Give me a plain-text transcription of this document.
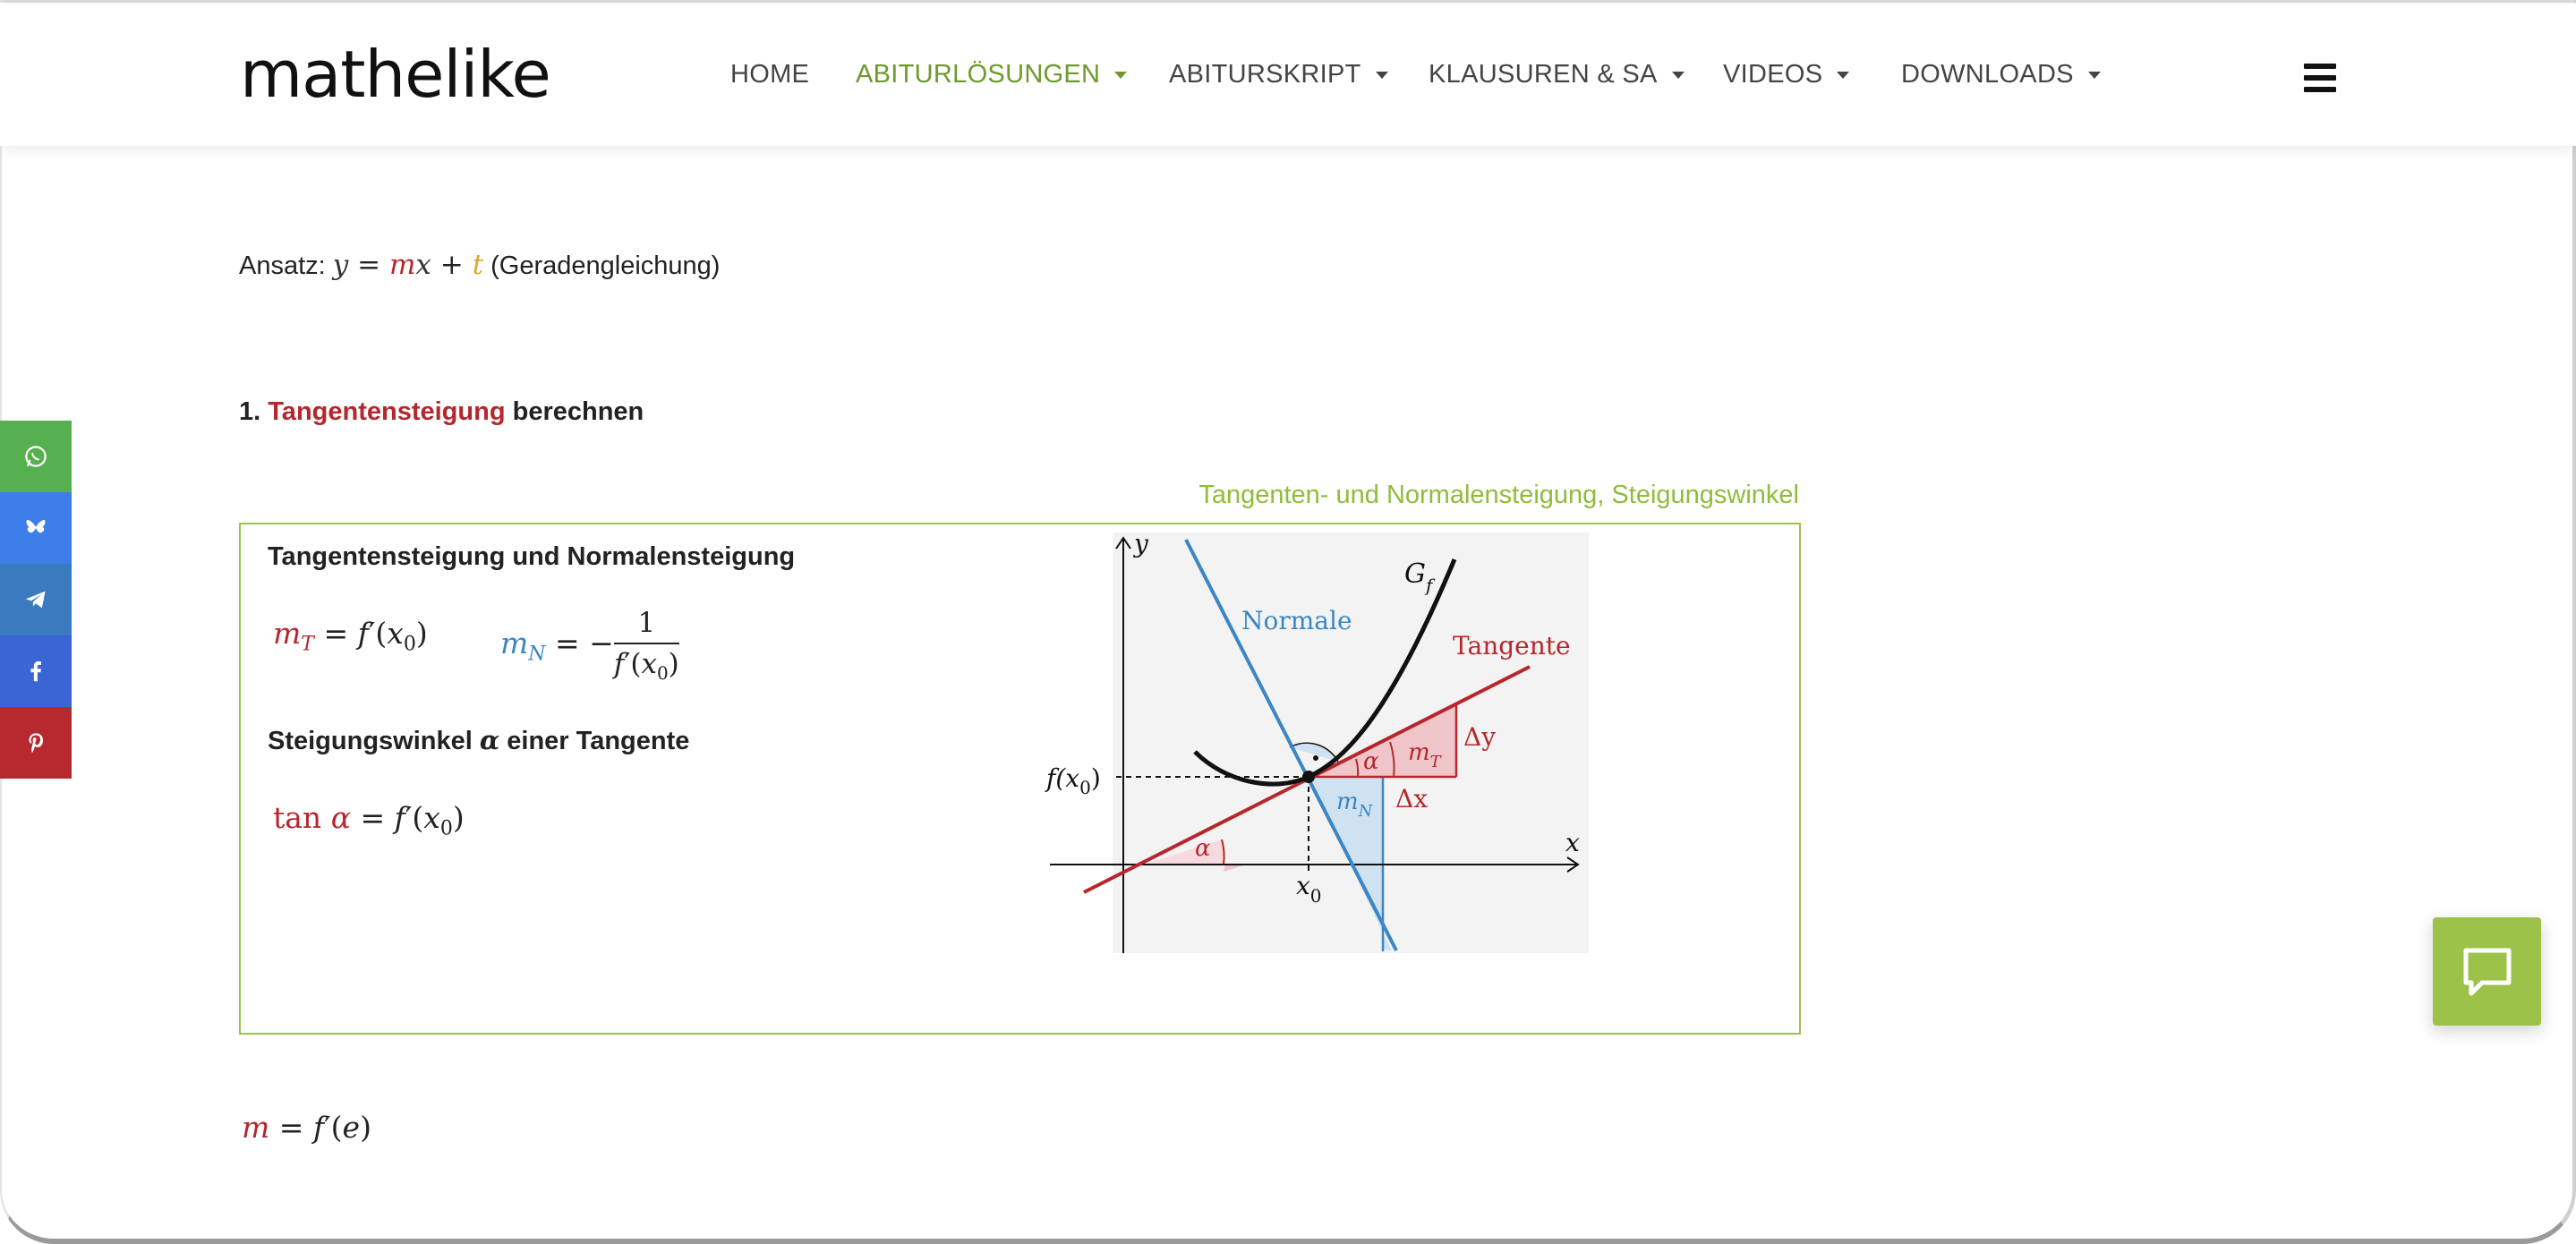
mathelike	HOME ABITURLÖSUNGEN	ABITURSKRIPT	KLAUSUREN & SA	VIDEOS	DOWNLOADS
Ansatz: y = mx + t (Geradengleichung)
1. Tangentensteigung berechnen
Tangenten- und Normalensteigung, Steigungswinkel
Tangentensteigung und Normalensteigung
$m_T = f'(x_0) m_N$ = − $\frac{1}{f'(x_0)}$
Steigungswinkel α einer Tangente
$\tan \alpha = f'(x_0)$
y
x
$G_f$
Normale
Tangente
$f(x_0)$
$x_0$
$m_N$
$m_T$
α
α
Δx
Δy
m = f′(e)
